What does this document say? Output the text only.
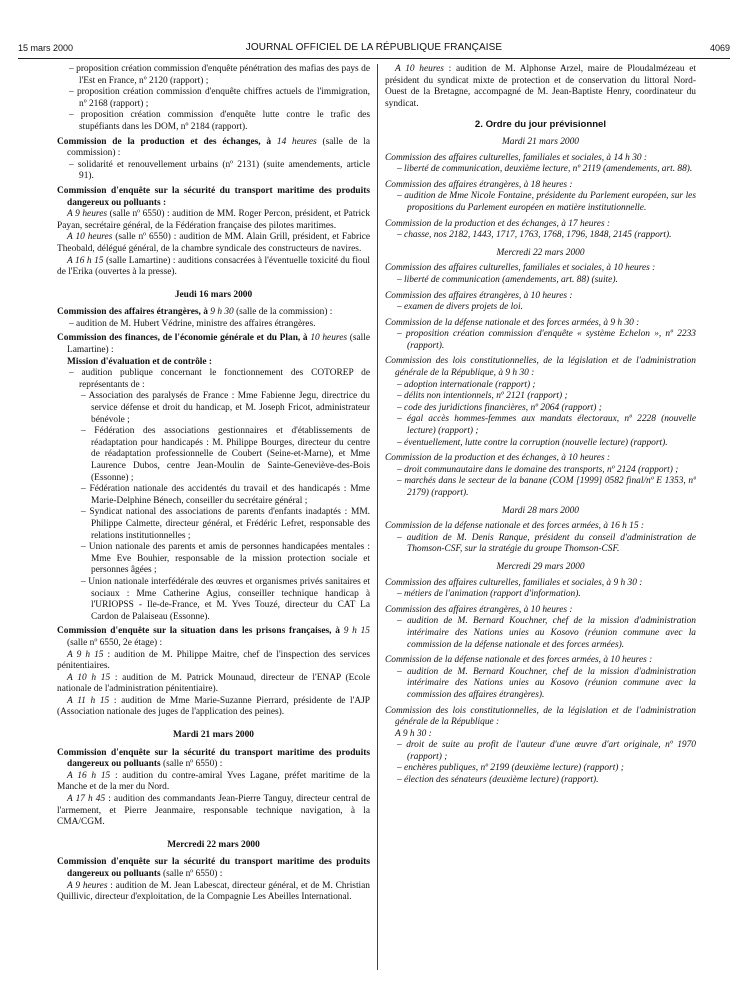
15 mars 2000	JOURNAL OFFICIEL DE LA RÉPUBLIQUE FRANÇAISE	4069

– proposition création commission d'enquête pénétration des mafias des pays de l'Est en France, nº 2120 (rapport) ;

– proposition création commission d'enquête chiffres actuels de l'immigration, nº 2168 (rapport) ;

– proposition création commission d'enquête lutte contre le trafic des stupéfiants dans les DOM, nº 2184 (rapport).

Commission de la production et des échanges, à 14 heures (salle de la commission) :

– solidarité et renouvellement urbains (nº 2131) (suite amendements, article 91).

Commission d'enquête sur la sécurité du transport maritime des produits dangereux ou polluants :

A 9 heures (salle nº 6550) : audition de MM. Roger Percon, président, et Patrick Payan, secrétaire général, de la Fédération française des pilotes maritimes.

A 10 heures (salle nº 6550) : audition de MM. Alain Grill, président, et Fabrice Theobald, délégué général, de la chambre syndicale des constructeurs de navires.

A 16 h 15 (salle Lamartine) : auditions consacrées à l'éventuelle toxicité du fioul de l'Erika (ouvertes à la presse).

Jeudi 16 mars 2000

Commission des affaires étrangères, à 9 h 30 (salle de la commission) :

– audition de M. Hubert Védrine, ministre des affaires étrangères.

Commission des finances, de l'économie générale et du Plan, à 10 heures (salle Lamartine) :

Mission d'évaluation et de contrôle :

– audition publique concernant le fonctionnement des COTOREP de représentants de :

– Association des paralysés de France : Mme Fabienne Jegu, directrice du service défense et droit du handicap, et M. Joseph Fricot, administrateur bénévole ;

– Fédération des associations gestionnaires et d'établissements de réadaptation pour handicapés : M. Philippe Bourges, directeur du centre de réadaptation professionnelle de Coubert (Seine-et-Marne), et Mme Laurence Dubos, centre Jean-Moulin de Sainte-Geneviève-des-Bois (Essonne) ;

– Fédération nationale des accidentés du travail et des handicapés : Mme Marie-Delphine Bénech, conseiller du secrétaire général ;

– Syndicat national des associations de parents d'enfants inadaptés : MM. Philippe Calmette, directeur général, et Frédéric Lefret, responsable des relations institutionnelles ;

– Union nationale des parents et amis de personnes handicapées mentales : Mme Eve Bouhier, responsable de la mission protection sociale et personnes âgées ;

– Union nationale interfédérale des œuvres et organismes privés sanitaires et sociaux : Mme Catherine Agius, conseiller technique handicap à l'URIOPSS - Ile-de-France, et M. Yves Touzé, directeur du CAT La Cardon de Palaiseau (Essonne).

Commission d'enquête sur la situation dans les prisons françaises, à 9 h 15 (salle nº 6550, 2e étage) :

A 9 h 15 : audition de M. Philippe Maitre, chef de l'inspection des services pénitentiaires.

A 10 h 15 : audition de M. Patrick Mounaud, directeur de l'ENAP (Ecole nationale de l'administration pénitentiaire).

A 11 h 15 : audition de Mme Marie-Suzanne Pierrard, présidente de l'AJP (Association nationale des juges de l'application des peines).

Mardi 21 mars 2000

Commission d'enquête sur la sécurité du transport maritime des produits dangereux ou polluants (salle nº 6550) :

A 16 h 15 : audition du contre-amiral Yves Lagane, préfet maritime de la Manche et de la mer du Nord.

A 17 h 45 : audition des commandants Jean-Pierre Tanguy, directeur central de l'armement, et Pierre Jeanmaire, responsable technique navigation, à la CMA/CGM.

Mercredi 22 mars 2000

Commission d'enquête sur la sécurité du transport maritime des produits dangereux ou polluants (salle nº 6550) :

A 9 heures : audition de M. Jean Labescat, directeur général, et de M. Christian Quillivic, directeur d'exploitation, de la Compagnie Les Abeilles International.

A 10 heures : audition de M. Alphonse Arzel, maire de Ploudalmézeau et président du syndicat mixte de protection et de conservation du littoral Nord-Ouest de la Bretagne, accompagné de M. Jean-Baptiste Henry, coordinateur du syndicat.

2. Ordre du jour prévisionnel

Mardi 21 mars 2000

Commission des affaires culturelles, familiales et sociales, à 14 h 30 :

– liberté de communication, deuxième lecture, nº 2119 (amendements, art. 88).

Commission des affaires étrangères, à 18 heures :

– audition de Mme Nicole Fontaine, présidente du Parlement européen, sur les propositions du Parlement européen en matière institutionnelle.

Commission de la production et des échanges, à 17 heures :

– chasse, nos 2182, 1443, 1717, 1763, 1768, 1796, 1848, 2145 (rapport).

Mercredi 22 mars 2000

Commission des affaires culturelles, familiales et sociales, à 10 heures :

– liberté de communication (amendements, art. 88) (suite).

Commission des affaires étrangères, à 10 heures :

– examen de divers projets de loi.

Commission de la défense nationale et des forces armées, à 9 h 30 :

– proposition création commission d'enquête « système Echelon », nº 2233 (rapport).

Commission des lois constitutionnelles, de la législation et de l'administration générale de la République, à 9 h 30 :

– adoption internationale (rapport) ;

– délits non intentionnels, nº 2121 (rapport) ;

– code des juridictions financières, nº 2064 (rapport) ;

– égal accès hommes-femmes aux mandats électoraux, nº 2228 (nouvelle lecture) (rapport) ;

– éventuellement, lutte contre la corruption (nouvelle lecture) (rapport).

Commission de la production et des échanges, à 10 heures :

– droit communautaire dans le domaine des transports, nº 2124 (rapport) ;

– marchés dans le secteur de la banane (COM [1999] 0582 final/nº E 1353, nº 2179) (rapport).

Mardi 28 mars 2000

Commission de la défense nationale et des forces armées, à 16 h 15 :

– audition de M. Denis Ranque, président du conseil d'administration de Thomson-CSF, sur la stratégie du groupe Thomson-CSF.

Mercredi 29 mars 2000

Commission des affaires culturelles, familiales et sociales, à 9 h 30 :

– métiers de l'animation (rapport d'information).

Commission des affaires étrangères, à 10 heures :

– audition de M. Bernard Kouchner, chef de la mission d'administration intérimaire des Nations unies au Kosovo (réunion commune avec la commission de la défense nationale et des forces armées).

Commission de la défense nationale et des forces armées, à 10 heures :

– audition de M. Bernard Kouchner, chef de la mission d'administration intérimaire des Nations unies au Kosovo (réunion commune avec la commission des affaires étrangères).

Commission des lois constitutionnelles, de la législation et de l'administration générale de la République :

A 9 h 30 :

– droit de suite au profit de l'auteur d'une œuvre d'art originale, nº 1970 (rapport) ;

– enchères publiques, nº 2199 (deuxième lecture) (rapport) ;

– élection des sénateurs (deuxième lecture) (rapport).
